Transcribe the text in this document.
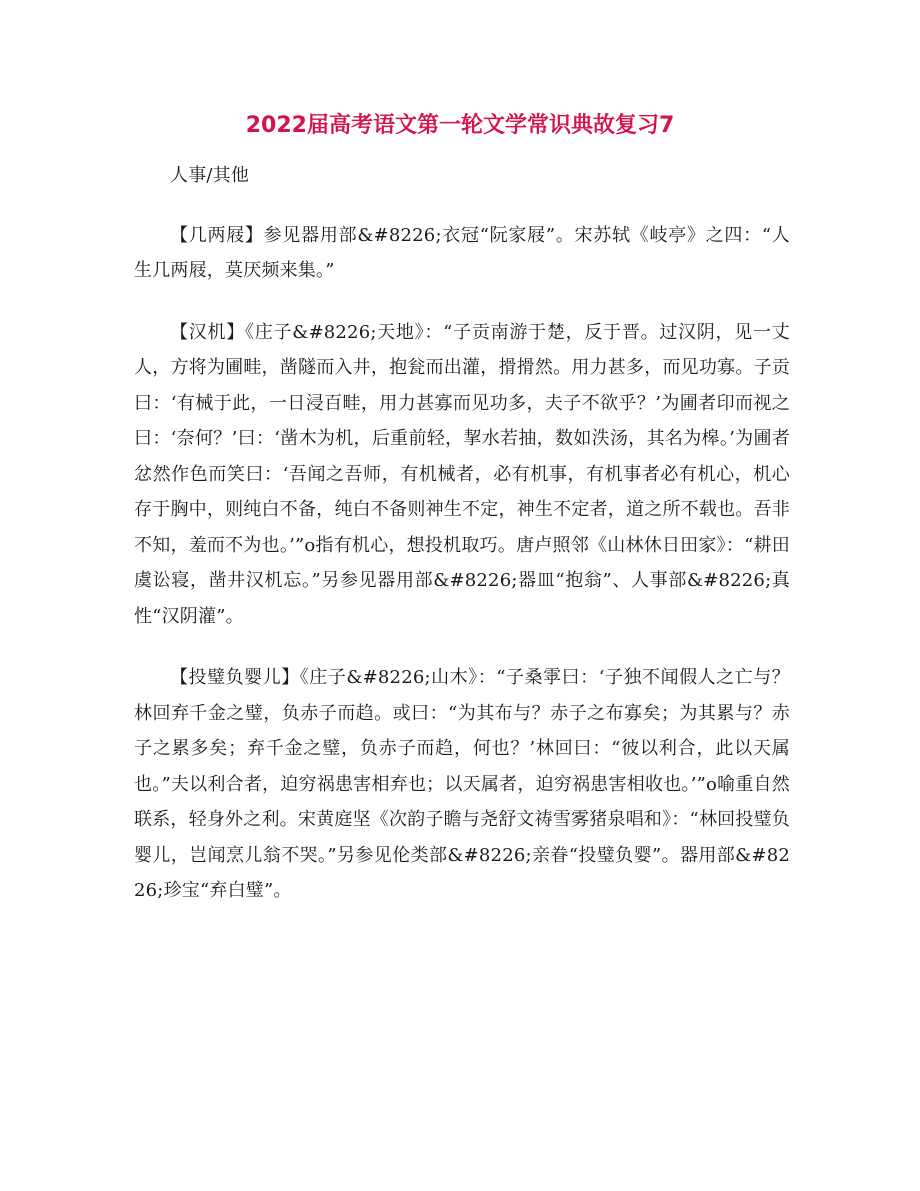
2022届高考语文第一轮文学常识典故复习7

人事/其他

【几两屐】参见器用部&#8226;衣冠“阮家屐”。宋苏轼《岐亭》之四：“人生几两屐，莫厌频来集。”

【汉机】《庄子&#8226;天地》：“子贡南游于楚，反于晋。过汉阴，见一丈人，方将为圃畦，凿隧而入井，抱瓮而出灌，搰搰然。用力甚多，而见功寡。子贡曰：‘有械于此，一日浸百畦，用力甚寡而见功多，夫子不欲乎？’为圃者印而视之曰：‘奈何？’曰：‘凿木为机，后重前轻，挈水若抽，数如泆汤，其名为槔。’为圃者忿然作色而笑曰：‘吾闻之吾师，有机械者，必有机事，有机事者必有机心，机心存于胸中，则纯白不备，纯白不备则神生不定，神生不定者，道之所不载也。吾非不知，羞而不为也。’”ο指有机心，想投机取巧。唐卢照邻《山林休日田家》：“耕田虞讼寝，凿井汉机忘。”另参见器用部&#8226;器皿“抱翁”、人事部&#8226;真性“汉阴灌”。

【投璧负婴儿】《庄子&#8226;山木》：“子桑雽曰：‘子独不闻假人之亡与？林回弃千金之璧，负赤子而趋。或曰：“为其布与？赤子之布寡矣；为其累与？赤子之累多矣；弃千金之璧，负赤子而趋，何也？’林回曰：“彼以利合，此以天属也。”夫以利合者，迫穷祸患害相弃也；以天属者，迫穷祸患害相收也。’”ο喻重自然联系，轻身外之利。宋黄庭坚《次韵子瞻与尧舒文祷雪雾猪泉唱和》：“林回投璧负婴儿，岂闻烹儿翁不哭。”另参见伦类部&#8226;亲眷“投璧负婴”。器用部&#8226;珍宝“弃白璧”。
